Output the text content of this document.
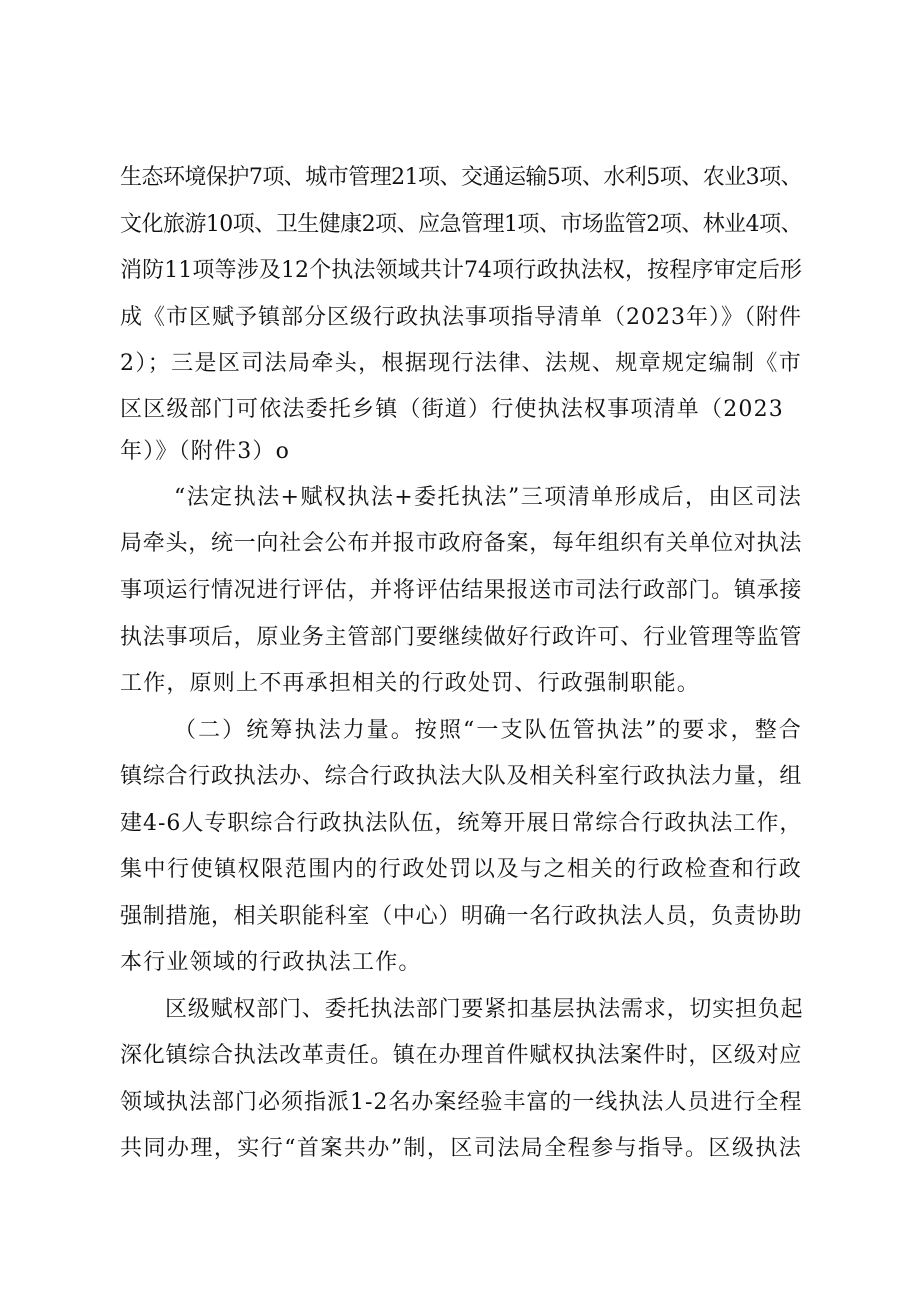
生态环境保护7项、城市管理21项、交通运输5项、水利5项、农业3项、
文化旅游10项、卫生健康2项、应急管理1项、市场监管2项、林业4项、
消防11项等涉及12个执法领域共计74项行政执法权，按程序审定后形
成《市区赋予镇部分区级行政执法事项指导清单（2023年）》（附件
2）；三是区司法局牵头，根据现行法律、法规、规章规定编制《市
区区级部门可依法委托乡镇（街道）行使执法权事项清单（2023
年）》（附件3）o
“法定执法+赋权执法+委托执法”三项清单形成后，由区司法
局牵头，统一向社会公布并报市政府备案，每年组织有关单位对执法
事项运行情况进行评估，并将评估结果报送市司法行政部门。镇承接
执法事项后，原业务主管部门要继续做好行政许可、行业管理等监管
工作，原则上不再承担相关的行政处罚、行政强制职能。
（二）统筹执法力量。按照“一支队伍管执法”的要求，整合
镇综合行政执法办、综合行政执法大队及相关科室行政执法力量，组
建4-6人专职综合行政执法队伍，统筹开展日常综合行政执法工作，
集中行使镇权限范围内的行政处罚以及与之相关的行政检查和行政
强制措施，相关职能科室（中心）明确一名行政执法人员，负责协助
本行业领域的行政执法工作。
区级赋权部门、委托执法部门要紧扣基层执法需求，切实担负起
深化镇综合执法改革责任。镇在办理首件赋权执法案件时，区级对应
领域执法部门必须指派1-2名办案经验丰富的一线执法人员进行全程
共同办理，实行“首案共办”制，区司法局全程参与指导。区级执法
